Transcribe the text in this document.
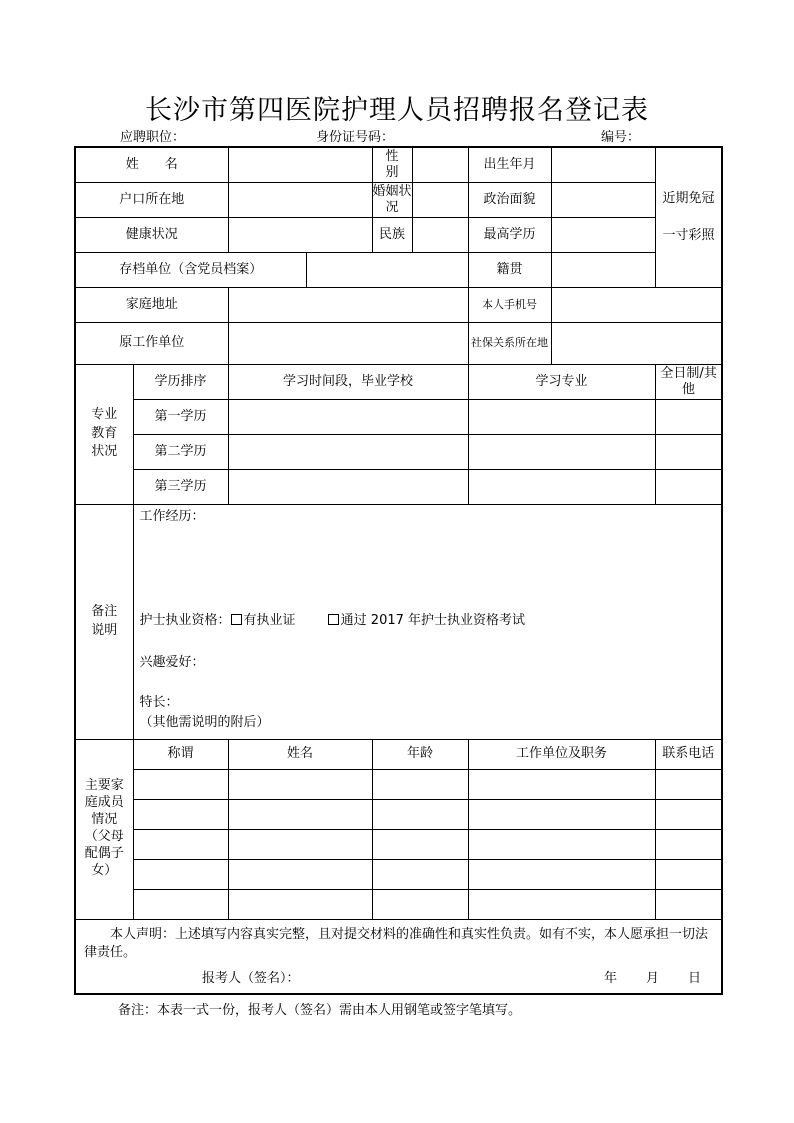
长沙市第四医院护理人员招聘报名登记表
应聘职位：	身份证号码：	编号：
姓　　名				性　　别		出生年月		近期免冠
一寸彩照
户口所在地				婚姻状况		政治面貌		
健康状况				民族		最高学历		
存档单位（含党员档案）						籍贯		
家庭地址						本人手机号		
原工作单位						社保关系所在地		
专业教育状况	学历排序	学习时间段，毕业学校				学习专业		全日制/其他
	第一学历							
	第二学历							
	第三学历							
备注说明	工作经历：
护士执业资格： 有执业证 通过 2017 年护士执业资格考试
兴趣爱好：
特长：
（其他需说明的附后）							

主要家庭成员情况（父母配偶子女）	称谓	姓名		年龄		工作单位及职务		联系电话

本人声明：上述填写内容真实完整，且对提交材料的准确性和真实性负责。如有不实，本人愿承担一切法律责任。
报考人（签名）： 年 月 日								
备注：本表一式一份，报考人（签名）需由本人用钢笔或签字笔填写。
